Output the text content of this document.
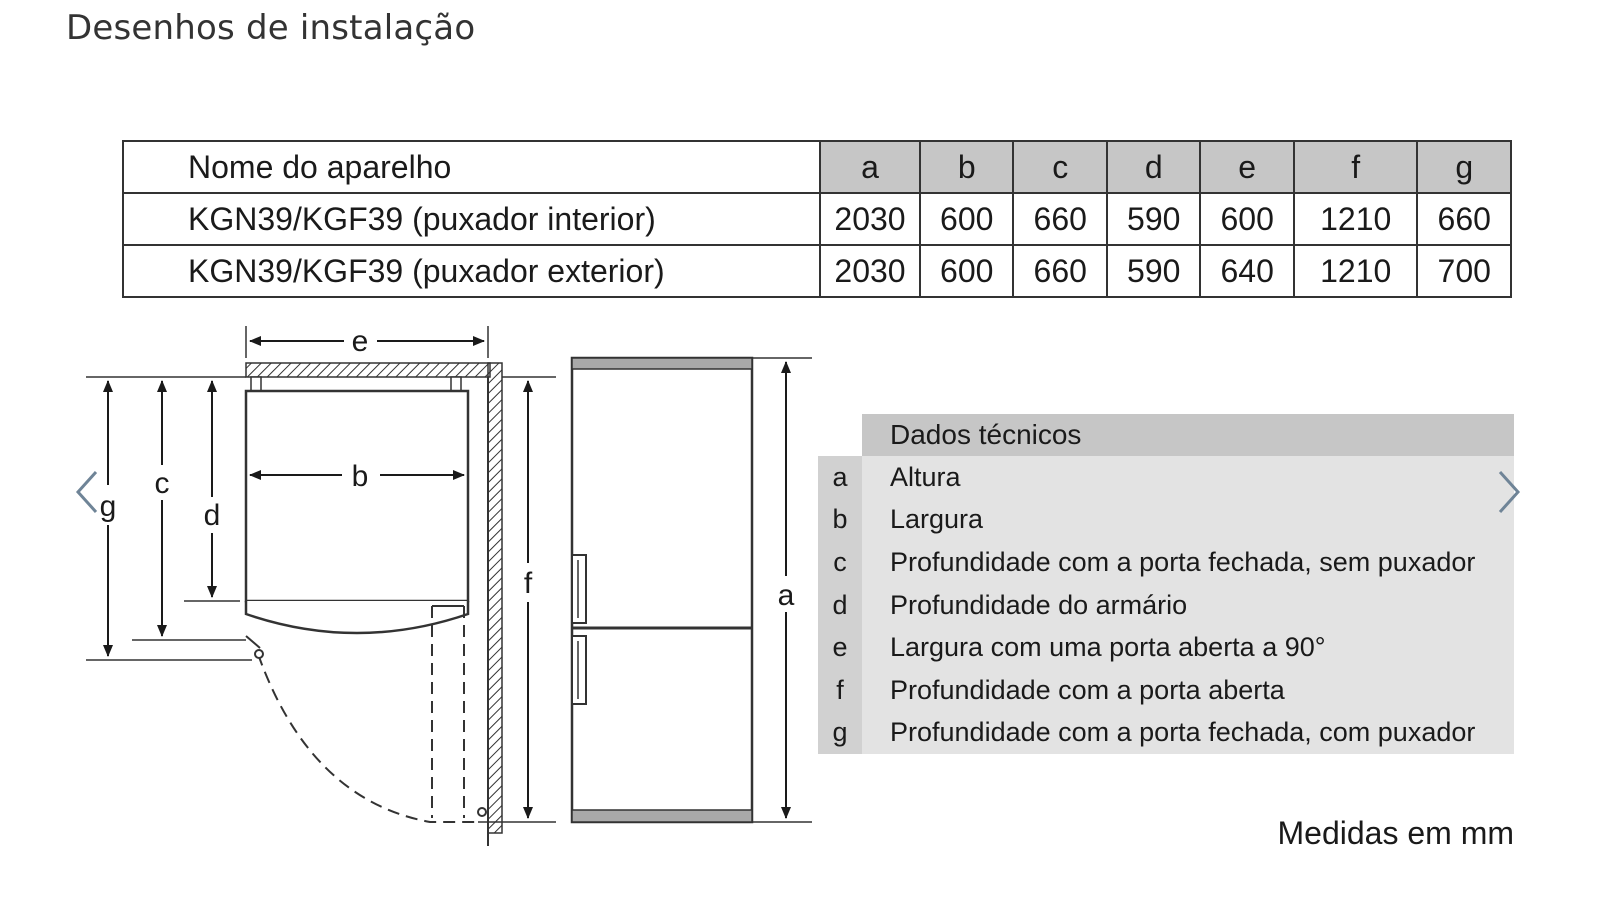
Desenhos de instalação
Nome do aparelho	a	b	c	d	e	f	g
KGN39/KGF39 (puxador interior)	2030	600	660	590	600	1210	660
KGN39/KGF39 (puxador exterior)	2030	600	660	590	640	1210	700
e
b
g
c
d
f	a
Dados técnicos
a	Altura
b	Largura
c	Profundidade com a porta fechada, sem puxador
d	Profundidade do armário
e	Largura com uma porta aberta a 90°
f	Profundidade com a porta aberta
g	Profundidade com a porta fechada, com puxador
Medidas em mm
